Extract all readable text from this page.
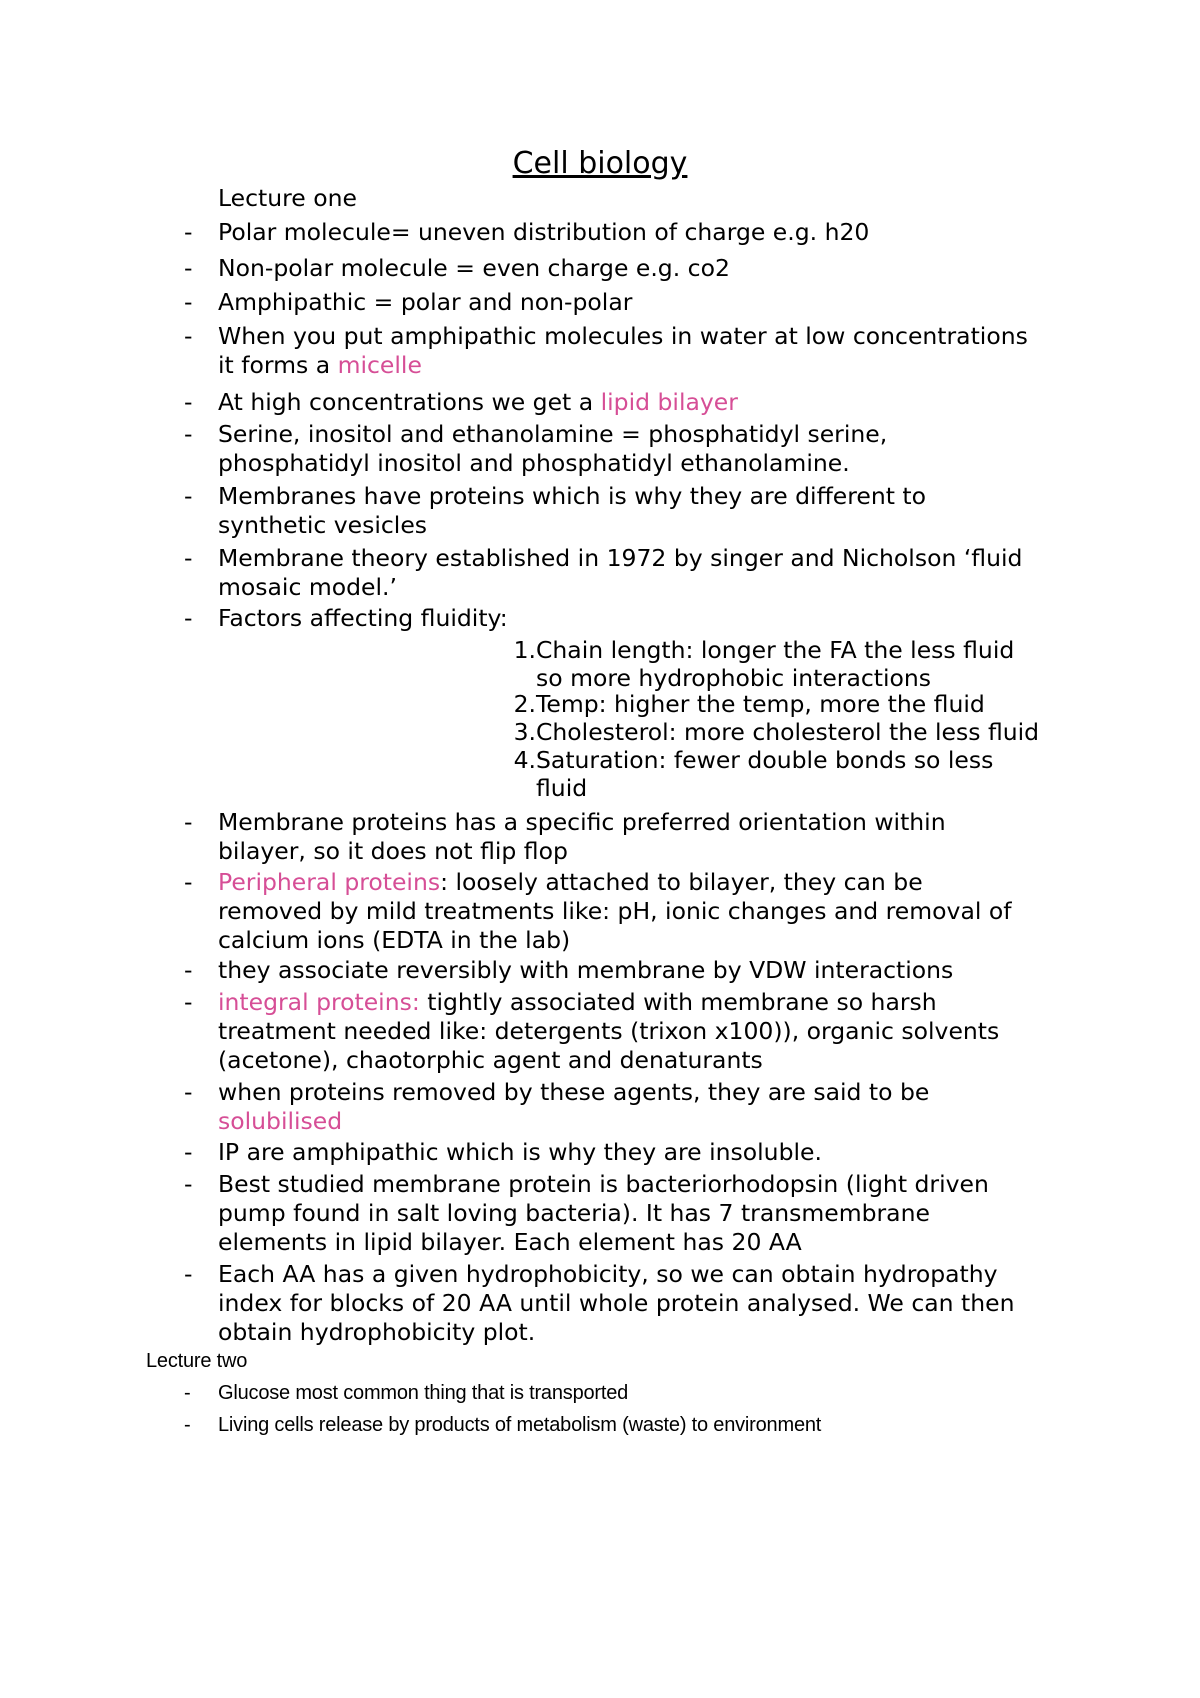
Cell biology
Lecture one
-
Polar molecule= uneven distribution of charge e.g. h20
-
Non-polar molecule = even charge e.g. co2
-
Amphipathic = polar and non-polar
-
When you put amphipathic molecules in water at low concentrations
it forms a micelle
-
At high concentrations we get a lipid bilayer
-
Serine, inositol and ethanolamine = phosphatidyl serine,
phosphatidyl inositol and phosphatidyl ethanolamine.
-
Membranes have proteins which is why they are different to
synthetic vesicles
-
Membrane theory established in 1972 by singer and Nicholson ‘fluid
mosaic model.’
-
Factors affecting fluidity:
1. Chain length: longer the FA the less fluid
so more hydrophobic interactions
2. Temp: higher the temp, more the fluid
3. Cholesterol: more cholesterol the less fluid
4. Saturation: fewer double bonds so less
fluid
-
Membrane proteins has a specific preferred orientation within
bilayer, so it does not flip flop
-
Peripheral proteins: loosely attached to bilayer, they can be
removed by mild treatments like: pH, ionic changes and removal of
calcium ions (EDTA in the lab)
-
they associate reversibly with membrane by VDW interactions
-
integral proteins: tightly associated with membrane so harsh
treatment needed like: detergents (trixon x100)), organic solvents
(acetone), chaotorphic agent and denaturants
-
when proteins removed by these agents, they are said to be
solubilised
-
IP are amphipathic which is why they are insoluble.
-
Best studied membrane protein is bacteriorhodopsin (light driven
pump found in salt loving bacteria). It has 7 transmembrane
elements in lipid bilayer. Each element has 20 AA
-
Each AA has a given hydrophobicity, so we can obtain hydropathy
index for blocks of 20 AA until whole protein analysed. We can then
obtain hydrophobicity plot.
Lecture two
-
Glucose most common thing that is transported
-
Living cells release by products of metabolism (waste) to environment
